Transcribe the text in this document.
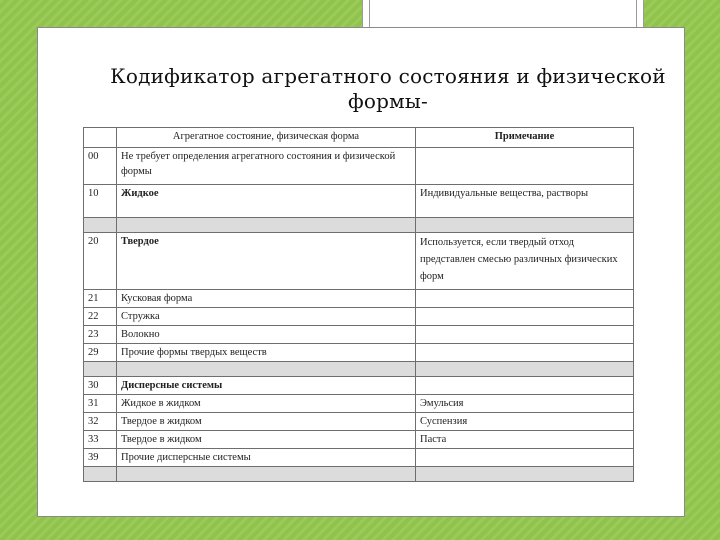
Кодификатор агрегатного состояния и физической
формы-
	Агрегатное состояние, физическая форма	Примечание
00	Не требует определения агрегатного состояния и физической формы	
10	Жидкое	Индивидуальные вещества, растворы

20	Твердое	Используется, если твердый отход представлен смесью различных физических форм
21	Кусковая форма	
22	Стружка	
23	Волокно	
29	Прочие формы твердых веществ	

30	Дисперсные системы	
31	Жидкое в жидком	Эмульсия
32	Твердое в жидком	Суспензия
33	Твердое в жидком	Паста
39	Прочие дисперсные системы	
